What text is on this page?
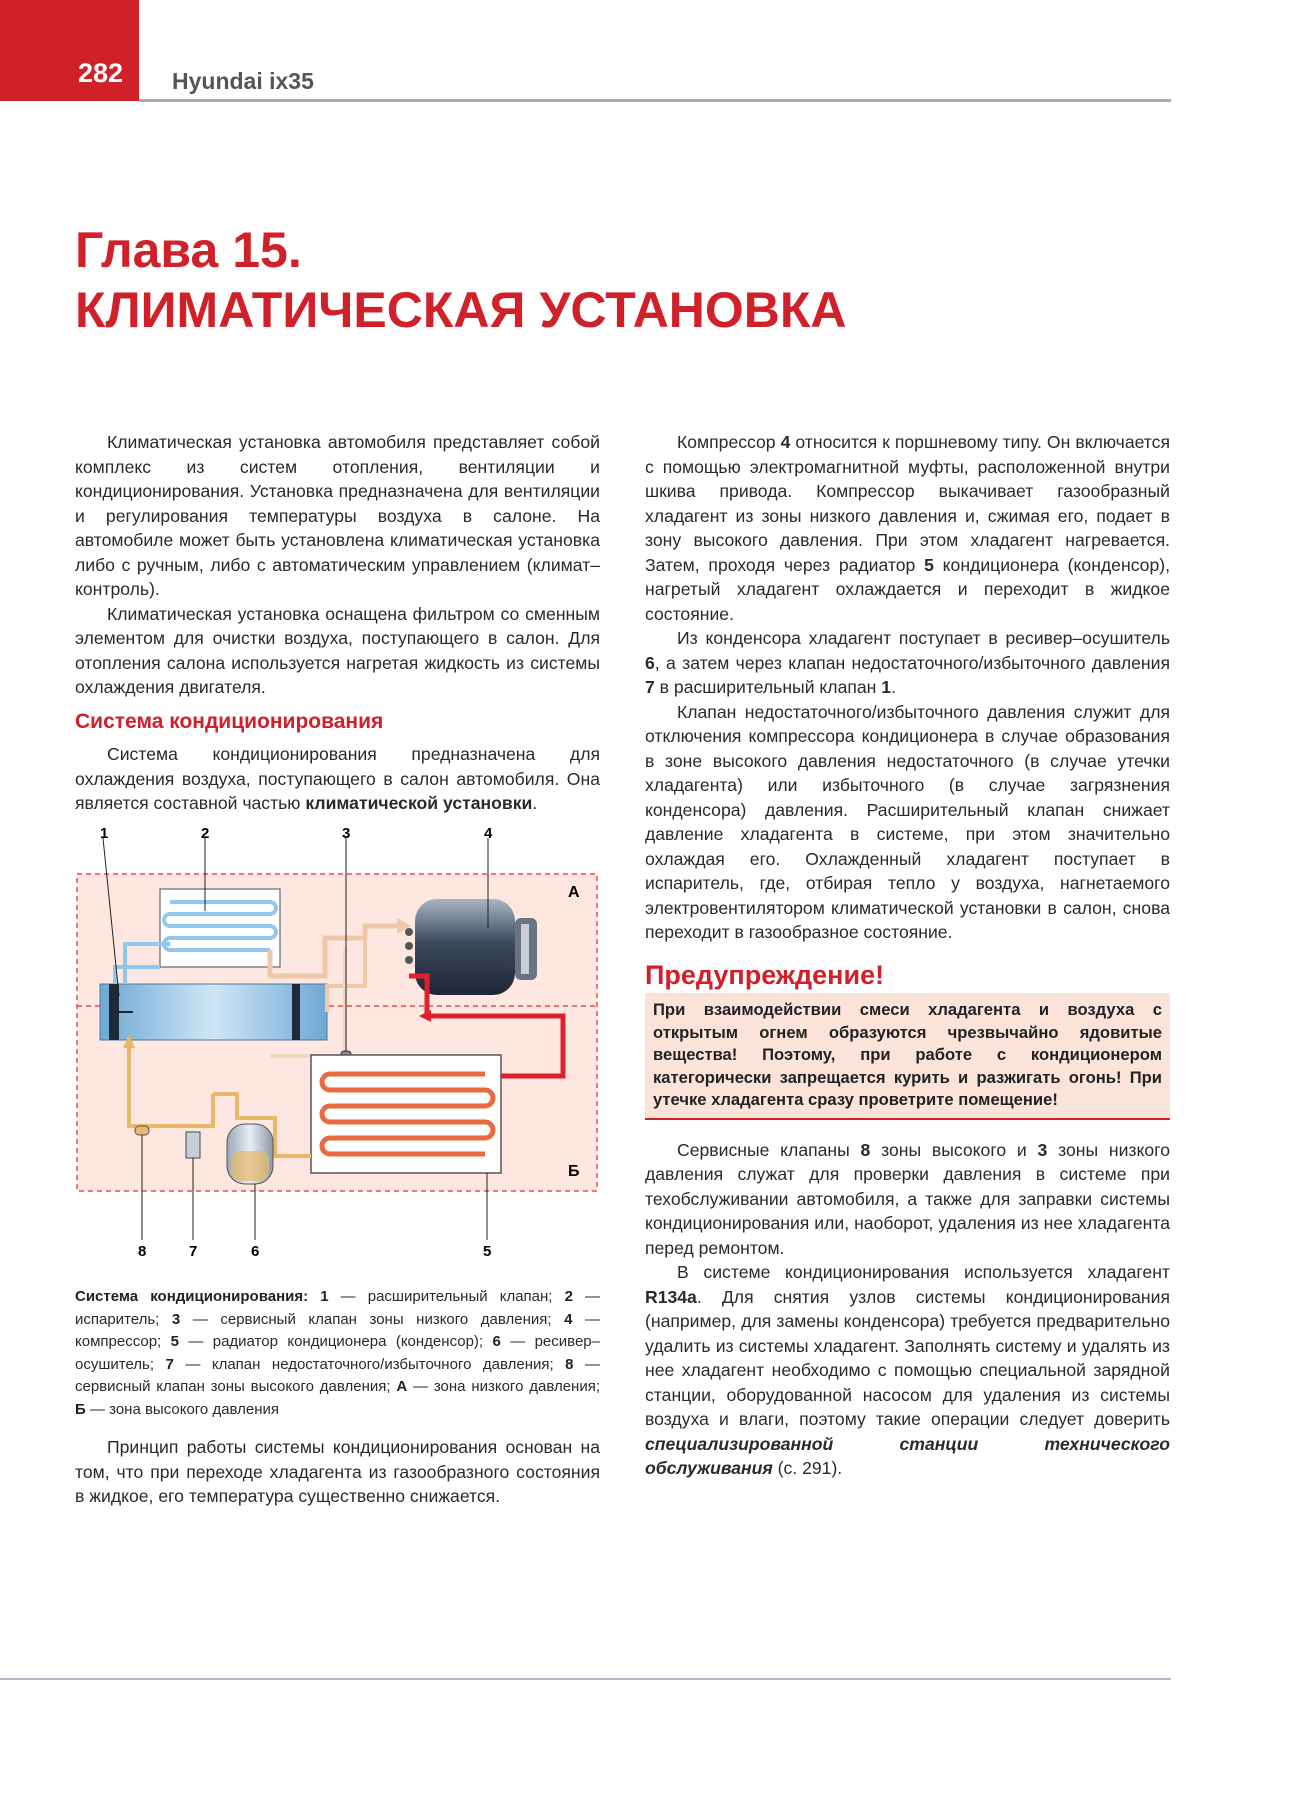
282 Hyundai ix35
Глава 15.
КЛИМАТИЧЕСКАЯ УСТАНОВКА

Климатическая установка автомобиля представляет собой комплекс из систем отопления, вентиляции и кондиционирования. Установка предназначена для вентиляции и регулирования температуры воздуха в салоне. На автомобиле может быть установлена климатическая установка либо с ручным, либо с автоматическим управлением (климат–контроль).

Климатическая установка оснащена фильтром со сменным элементом для очистки воздуха, поступающего в салон. Для отопления салона используется нагретая жидкость из системы охлаждения двигателя.

Система кондиционирования

Система кондиционирования предназначена для охлаждения воздуха, поступающего в салон автомобиля. Она является составной частью климатической установки.

1	2	3	4
5
6
7
8
А
Б
Система кондиционирования: 1 — расширительный клапан; 2 — испаритель; 3 — сервисный клапан зоны низкого давления; 4 — компрессор; 5 — радиатор кондиционера (конденсор); 6 — ресивер–осушитель; 7 — клапан недостаточного/избыточного давления; 8 — сервисный клапан зоны высокого давления; А — зона низкого давления; Б — зона высокого давления

Принцип работы системы кондиционирования основан на том, что при переходе хладагента из газообразного состояния в жидкое, его температура существенно снижается.

Компрессор 4 относится к поршневому типу. Он включается с помощью электромагнитной муфты, расположенной внутри шкива привода. Компрессор выкачивает газообразный хладагент из зоны низкого давления и, сжимая его, подает в зону высокого давления. При этом хладагент нагревается. Затем, проходя через радиатор 5 кондиционера (конденсор), нагретый хладагент охлаждается и переходит в жидкое состояние.

Из конденсора хладагент поступает в ресивер–осушитель 6, а затем через клапан недостаточного/избыточного давления 7 в расширительный клапан 1.

Клапан недостаточного/избыточного давления служит для отключения компрессора кондиционера в случае образования в зоне высокого давления недостаточного (в случае утечки хладагента) или избыточного (в случае загрязнения конденсора) давления. Расширительный клапан снижает давление хладагента в системе, при этом значительно охлаждая его. Охлажденный хладагент поступает в испаритель, где, отбирая тепло у воздуха, нагнетаемого электровентилятором климатической установки в салон, снова переходит в газообразное состояние.

Предупреждение!
При взаимодействии смеси хладагента и воздуха с открытым огнем образуются чрезвычайно ядовитые вещества! Поэтому, при работе с кондиционером категорически запрещается курить и разжигать огонь! При утечке хладагента сразу проветрите помещение!

Сервисные клапаны 8 зоны высокого и 3 зоны низкого давления служат для проверки давления в системе при техобслуживании автомобиля, а также для заправки системы кондиционирования или, наоборот, удаления из нее хладагента перед ремонтом.

В системе кондиционирования используется хладагент R134a. Для снятия узлов системы кондиционирования (например, для замены конденсора) требуется предварительно удалить из системы хладагент. Заполнять систему и удалять из нее хладагент необходимо с помощью специальной зарядной станции, оборудованной насосом для удаления из системы воздуха и влаги, поэтому такие операции следует доверить специализированной станции технического обслуживания (с. 291).
